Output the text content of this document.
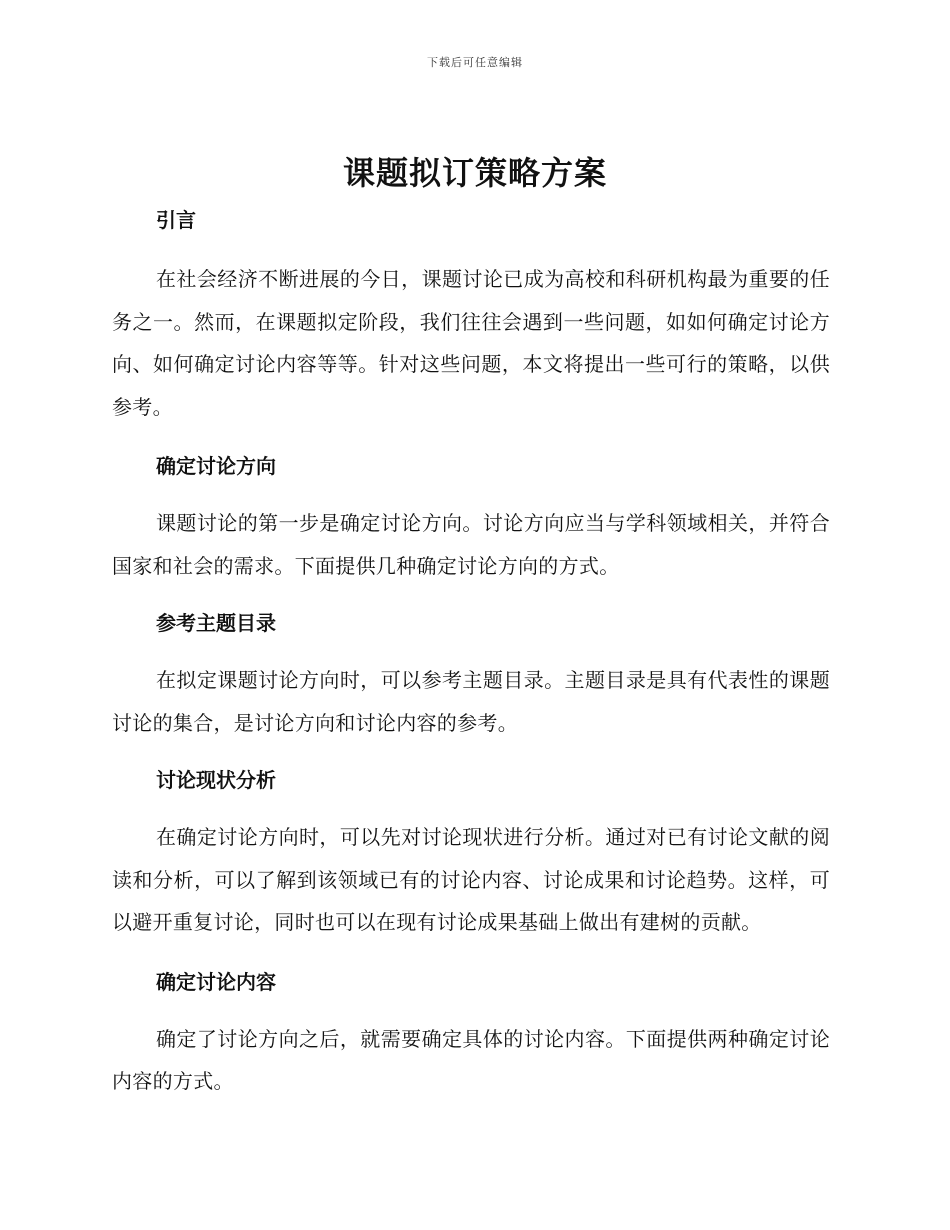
下载后可任意编辑
课题拟订策略方案
引言

在社会经济不断进展的今日，课题讨论已成为高校和科研机构最为重要的任务之一。然而，在课题拟定阶段，我们往往会遇到一些问题，如如何确定讨论方向、如何确定讨论内容等等。针对这些问题，本文将提出一些可行的策略，以供参考。

确定讨论方向

课题讨论的第一步是确定讨论方向。讨论方向应当与学科领域相关，并符合国家和社会的需求。下面提供几种确定讨论方向的方式。

参考主题目录

在拟定课题讨论方向时，可以参考主题目录。主题目录是具有代表性的课题讨论的集合，是讨论方向和讨论内容的参考。

讨论现状分析

在确定讨论方向时，可以先对讨论现状进行分析。通过对已有讨论文献的阅读和分析，可以了解到该领域已有的讨论内容、讨论成果和讨论趋势。这样，可以避开重复讨论，同时也可以在现有讨论成果基础上做出有建树的贡献。

确定讨论内容

确定了讨论方向之后，就需要确定具体的讨论内容。下面提供两种确定讨论内容的方式。
